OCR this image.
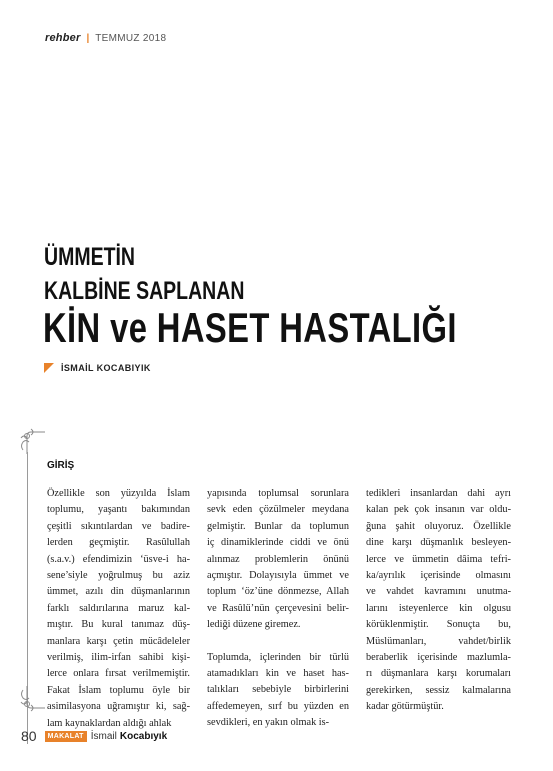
rehber | TEMMUZ 2018
ÜMMETİN
KALBİNE SAPLANAN
KİN ve HASET HASTALIĞI
İSMAİL KOCABIYIK
GİRİŞ

Özellikle son yüzyılda İslam
toplumu, yaşantı bakımından
çeşitli sıkıntılardan ve badire-
lerden geçmiştir. Rasûlullah
(s.a.v.) efendimizin ‘üsve-i ha-
sene’siyle yoğrulmuş bu aziz
ümmet, azılı din düşmanlarının
farklı saldırılarına maruz kal-
mıştır. Bu kural tanımaz düş-
manlara karşı çetin mücâdeleler
verilmiş, ilim-irfan sahibi kişi-
lerce onlara fırsat verilmemiştir.
Fakat İslam toplumu öyle bir
asimilasyona uğramıştır ki, sağ-
lam kaynaklardan aldığı ahlak

yapısında toplumsal sorunlara
sevk eden çözülmeler meydana
gelmiştir. Bunlar da toplumun
iç dinamiklerinde ciddi ve önü
alınmaz problemlerin önünü
açmıştır. Dolayısıyla ümmet ve
toplum ‘öz’üne dönmezse, Allah
ve Rasûlü’nün çerçevesini belir-
lediği düzene giremez.

Toplumda, içlerinden bir türlü
atamadıkları kin ve haset has-
talıkları sebebiyle birbirlerini
affedemeyen, sırf bu yüzden en
sevdikleri, en yakın olmak is-

tedikleri insanlardan dahi ayrı
kalan pek çok insanın var oldu-
ğuna şahit oluyoruz. Özellikle
dine karşı düşmanlık besleyen-
lerce ve ümmetin dâima tefri-
ka/ayrılık içerisinde olmasını
ve vahdet kavramını unutma-
larını isteyenlerce kin olgusu
körüklenmiştir. Sonuçta bu,
Müslümanları, vahdet/birlik
beraberlik içerisinde mazlumla-
rı düşmanlara karşı korumaları
gerekirken, sessiz kalmalarına
kadar götürmüştür.

80	MAKALAT İsmail Kocabıyık
